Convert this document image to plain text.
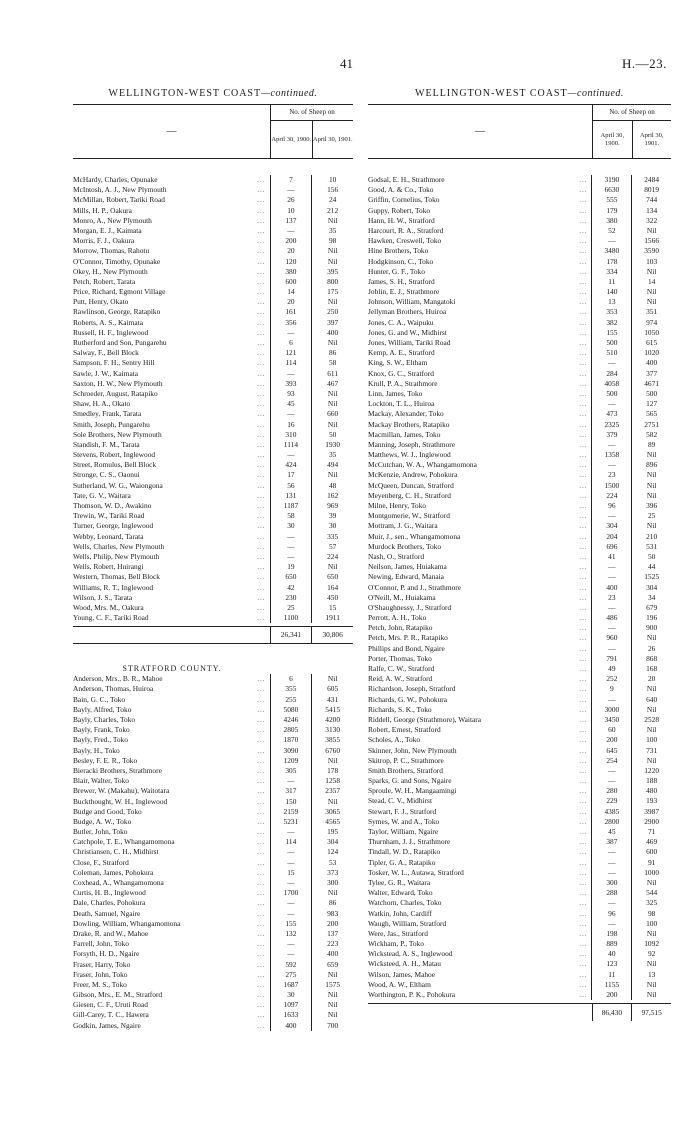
41	H.—23.
WELLINGTON-WEST COAST—continued.
—
No. of Sheep on
April 30, 1900. April 30, 1901.
McHardy, Charles, Opunake	...	7	10
McIntosh, A. J., New Plymouth	...	—	156
McMillan, Robert, Tariki Road	...	26	24
Mills, H. P., Oakura	...	10	212
Monro, A., New Plymouth	...	137	Nil
Morgan, E. J., Kaimata	...	—	35
Morris, F. J., Oakura	...	200	98
Morrow, Thomas, Rahotu	...	20	Nil
O'Connor, Timothy, Opunake	...	120	Nil
Okey, H., New Plymouth	...	380	395
Petch, Robert, Tarata	...	600	800
Price, Richard, Egmont Village	...	14	175
Putt, Henry, Okato	...	20	Nil
Rawlinson, George, Ratapiko	...	161	250
Roberts, A. S., Kaimata	...	356	397
Russell, H. F., Inglewood	...	—	400
Rutherford and Son, Pungarehu	...	6	Nil
Salway, F., Bell Block	...	121	86
Sampson, F. H., Sentry Hill	...	114	58
Sawle, J. W., Kaimata	...	—	611
Saxton, H. W., New Plymouth	...	393	467
Schroeder, August, Ratapiko	...	93	Nil
Shaw, H. A., Okato	...	45	Nil
Smedley, Frank, Tarata	...	—	660
Smith, Joseph, Pungarehu	...	16	Nil
Sole Brothers, New Plymouth	...	310	50
Standish, F. M., Tarata	...	1114	1930
Stevens, Robert, Inglewood	...	—	35
Street, Romulus, Bell Block	...	424	494
Stronge, C. S., Oaonui	...	17	Nil
Sutherland, W. G., Waiongona	...	56	48
Tate, G. V., Waitara	...	131	162
Thomson, W. D., Awakino	...	1187	969
Trewin, W., Tariki Road	...	58	39
Turner, George, Inglewood	...	30	30
Webby, Leonard, Tarata	...	—	335
Wells, Charles, New Plymouth	...	—	57
Wells, Philip, New Plymouth	...	—	224
Wells, Robert, Huirangi	...	19	Nil
Western, Thomas, Bell Block	...	650	650
Williams, R. T., Inglewood	...	42	164
Wilson, J. S., Tarata	...	230	450
Wood, Mrs. M., Oakura	...	25	15
Young, C. F., Tariki Road	...	1100	1911
26,341	30,806
STRATFORD COUNTY.
Anderson, Mrs., B. R., Mahoe	...	6	Nil
Anderson, Thomas, Huiroa	...	355	605
Bain, G. C., Toko	...	255	431
Bayly, Alfred, Toko	...	5080	5415
Bayly, Charles, Toko	...	4246	4200
Bayly, Frank, Toko	...	2805	3130
Bayly, Fred., Toko	...	1870	3855
Bayly, H., Toko	...	3090	6760
Besley, F. E. R., Toko	...	1209	Nil
Bieracki Brothers, Strathmore	...	305	178
Blair, Walter, Toko	...	—	1258
Brewer, W. (Makahu), Waitotara	...	317	2357
Buckthought, W. H., Inglewood	...	150	Nil
Budge and Good, Toko	...	2159	3065
Budge, A. W., Toko	...	5231	4565
Butler, John, Toko	...	—	195
Catchpole, T. E., Whangamomona	...	114	304
Christiansen, C. H., Midhirst	...	—	124
Close, F., Stratford	...	—	53
Coleman, James, Pohokura	...	15	373
Coxhead, A., Whangamomona	...	—	300
Curtis, H. B., Inglewood	...	1700	Nil
Dale, Charles, Pohokura	...	—	86
Death, Samuel, Ngaire	...	—	983
Dowling, William, Whangamomona	...	155	200
Drake, R. and W., Mahoe	...	132	137
Farrell, John, Toko	...	—	223
Forsyth, H. D., Ngaire	...	—	400
Fraser, Harry, Toko	...	592	659
Fraser, John, Toko	...	275	Nil
Freer, M. S., Toko	...	1687	1575
Gibson, Mrs., E. M., Stratford	...	30	Nil
Giesen, C. F., Uruti Road	...	1097	Nil
Gill-Carey, T. C., Hawera	...	1633	Nil
Godkin, James, Ngaire	...	400	700
WELLINGTON-WEST COAST—continued.
—
No. of Sheep on
April 30, 1900.
April 30, 1901.
Godsal, E. H., Strathmore	...	3190	2484
Good, A. & Co., Toko	...	6630	8019
Griffin, Cornelius, Toko	...	555	744
Guppy, Robert, Toko	...	179	134
Hann, H. W., Stratford	...	380	322
Harcourt, R. A., Stratford	...	52	Nil
Hawken, Creswell, Toko	...	—	1566
Hine Brothers, Toko	...	3480	3590
Hodgkinson, C., Toko	...	178	103
Hunter, G. F., Toko	...	334	Nil
James, S. H., Stratford	...	11	14
Joblin, E. J., Strathmore	...	140	Nil
Johnson, William, Mangatoki	...	13	Nil
Jellyman Brothers, Huiroa	...	353	351
Jones, C. A., Waipuku	...	382	974
Jones, G. and W., Midhirst	...	155	1050
Jones, William, Tariki Road	...	500	615
Kemp, A. E., Stratford	...	510	1020
King, S. W., Eltham	...	—	400
Knox, G. C., Stratford	...	284	377
Krull, P. A., Strathmore	...	4058	4671
Linn, James, Toko	...	500	500
Lockton, T. L., Huiroa	...	—	127
Mackay, Alexander, Toko	...	473	565
Mackay Brothers, Ratapiko	...	2325	2751
Macmillan, James, Toko	...	379	582
Manning, Joseph, Strathmore	...	—	89
Matthews, W. J., Inglewood	...	1358	Nil
McCutchan, W. A., Whangamomona	...	—	896
McKenzie, Andrew, Pohokura	...	23	Nil
McQueen, Duncan, Stratford	...	1500	Nil
Meyenberg, C. H., Stratford	...	224	Nil
Milne, Henry, Toko	...	96	396
Montgomerie, W., Stratford	...	—	25
Mottram, J. G., Waitara	...	304	Nil
Muir, J., sen., Whangamomona	...	204	210
Murdock Brothers, Toko	...	696	531
Nash, O., Stratford	...	41	50
Neilson, James, Huiakama	...	—	44
Newing, Edward, Manaia	...	—	1525
O'Connor, P. and J., Strathmore	...	400	304
O'Neill, M., Huiakama	...	23	34
O'Shaughnessy, J., Stratford	...	—	679
Perrott, A. H., Toko	...	486	196
Petch, John, Ratapiko	...	—	900
Petch, Mrs. P. R., Ratapiko	...	960	Nil
Phillips and Bond, Ngaire	...	—	26
Porter, Thomas, Toko	...	791	868
Ralfe, C. W., Stratford	...	49	168
Reid, A. W., Stratford	...	252	20
Richardson, Joseph, Stratford	...	9	Nil
Richards, G. W., Pohokura	...	—	640
Richards, S. K., Toko	...	3000	Nil
Riddell, George (Strathmore), Waitara	...	3450	2528
Robert, Ernest, Stratford	...	60	Nil
Scholes, A., Toko	...	200	100
Skinner, John, New Plymouth	...	645	731
Skitrop, P. C., Strathmore	...	254	Nil
Smith Brothers, Stratford	...	—	1220
Sparks, G. and Sons, Ngaire	...	—	188
Sproule, W. H., Mangaamingi	...	280	480
Stead, C. V., Midhirst	...	229	193
Stewart, F. J., Stratford	...	4385	3987
Symes, W. and A., Toko	...	2800	2900
Taylor, William, Ngaire	...	45	71
Thurnham, J. J., Strathmore	...	387	469
Tindall, W. D., Ratapiko	...	—	600
Tipler, G. A., Ratapiko	...	—	91
Tosker, W. L., Autawa, Stratford	...	—	1000
Tylee, G. R., Waitara	...	300	Nil
Walter, Edward, Toko	...	288	544
Watchorn, Charles, Toko	...	—	325
Watkin, John, Cardiff	...	96	98
Waugh, William, Stratford	...	—	100
Were, Jas., Stratford	...	198	Nil
Wickham, P., Toko	...	889	1092
Wickstead, A. S., Inglewood	...	40	92
Wicksteed, A. H., Matau	...	123	Nil
Wilson, James, Mahoe	...	11	13
Wood, A. W., Eltham	...	1155	Nil
Worthington, P. K., Pohokura	...	200	Nil
86,430	97,515
